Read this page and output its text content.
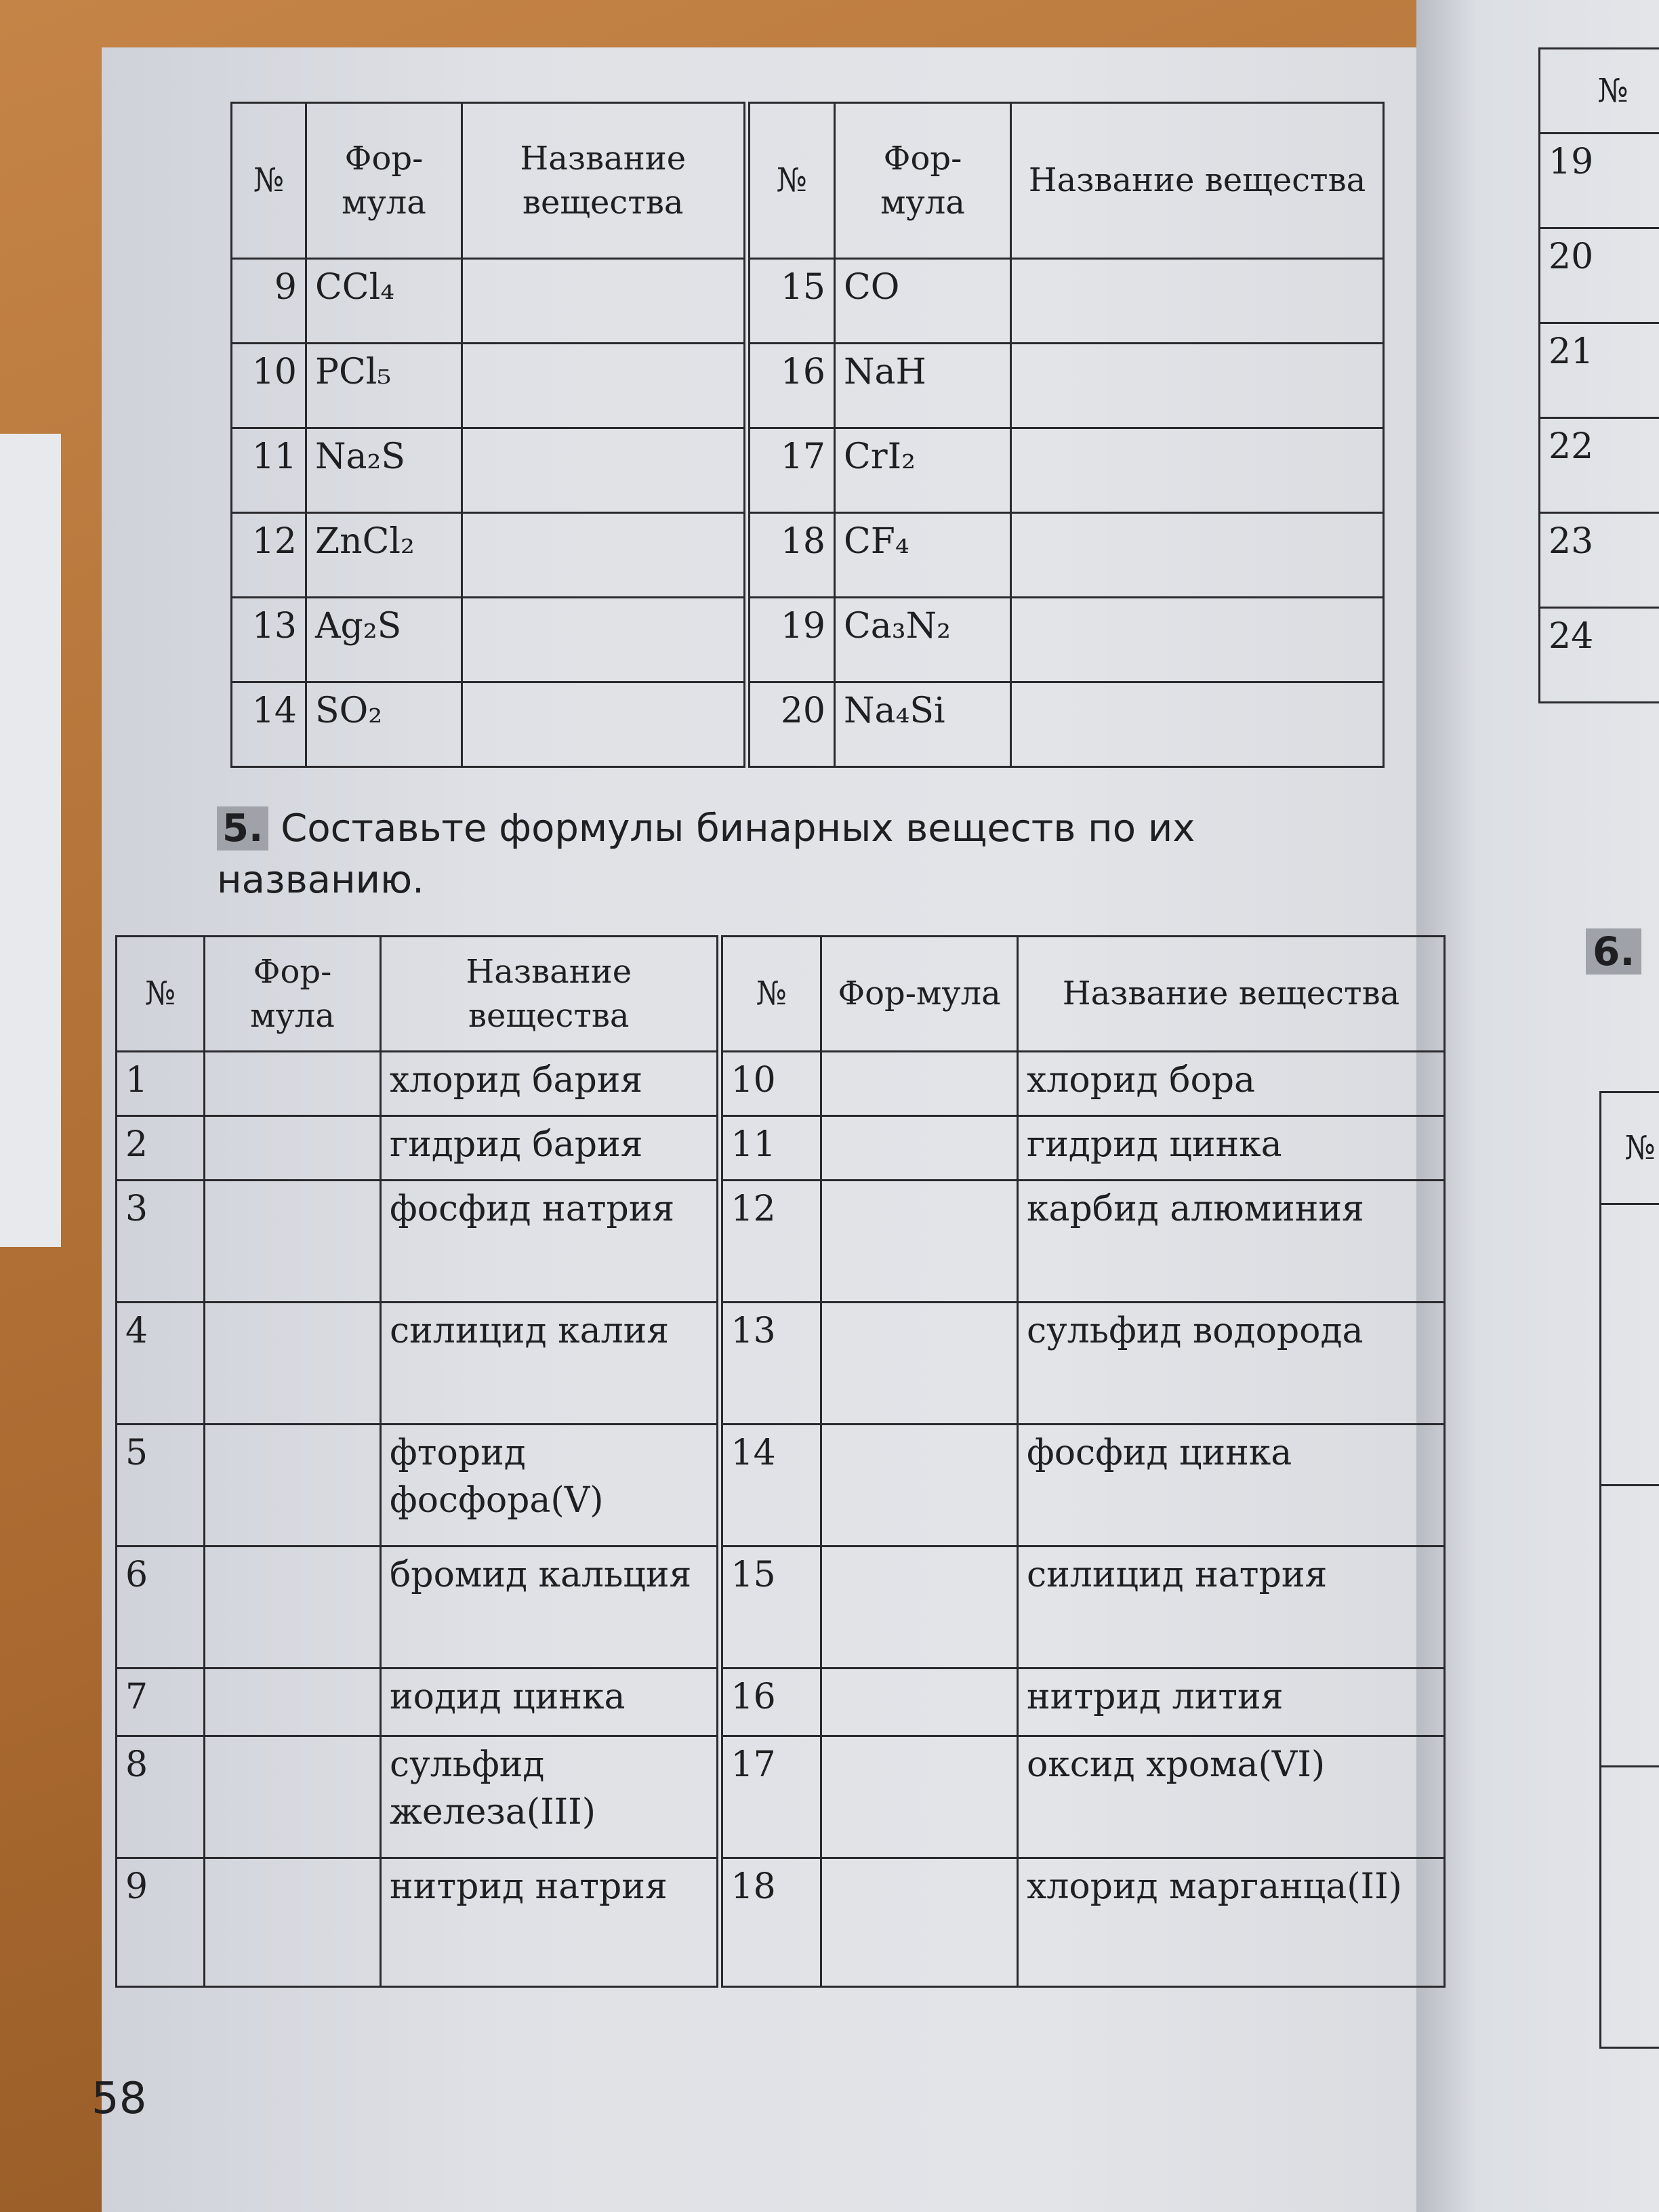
№
19
20
21
22
23
24
№

6.
№	Фор-мула	Название вещества	№	Фор-мула	Название вещества
9	CCl₄		15	CO	
10	PCl₅		16	NaH	
11	Na₂S		17	CrI₂	
12	ZnCl₂		18	CF₄	
13	Ag₂S		19	Ca₃N₂	
14	SO₂		20	Na₄Si	
5. Составьте формулы бинарных веществ по их названию.
№	Фор-мула	Название вещества	№	Фор-мула	Название вещества
1		хлорид бария	10		хлорид бора
2		гидрид бария	11		гидрид цинка
3		фосфид натрия	12		карбид алюминия
4		силицид калия	13		сульфид водорода
5		фторид фосфора(V)	14		фосфид цинка
6		бромид кальция	15		силицид натрия
7		иодид цинка	16		нитрид лития
8		сульфид железа(III)	17		оксид хрома(VI)
9		нитрид натрия	18		хлорид марганца(II)
58
